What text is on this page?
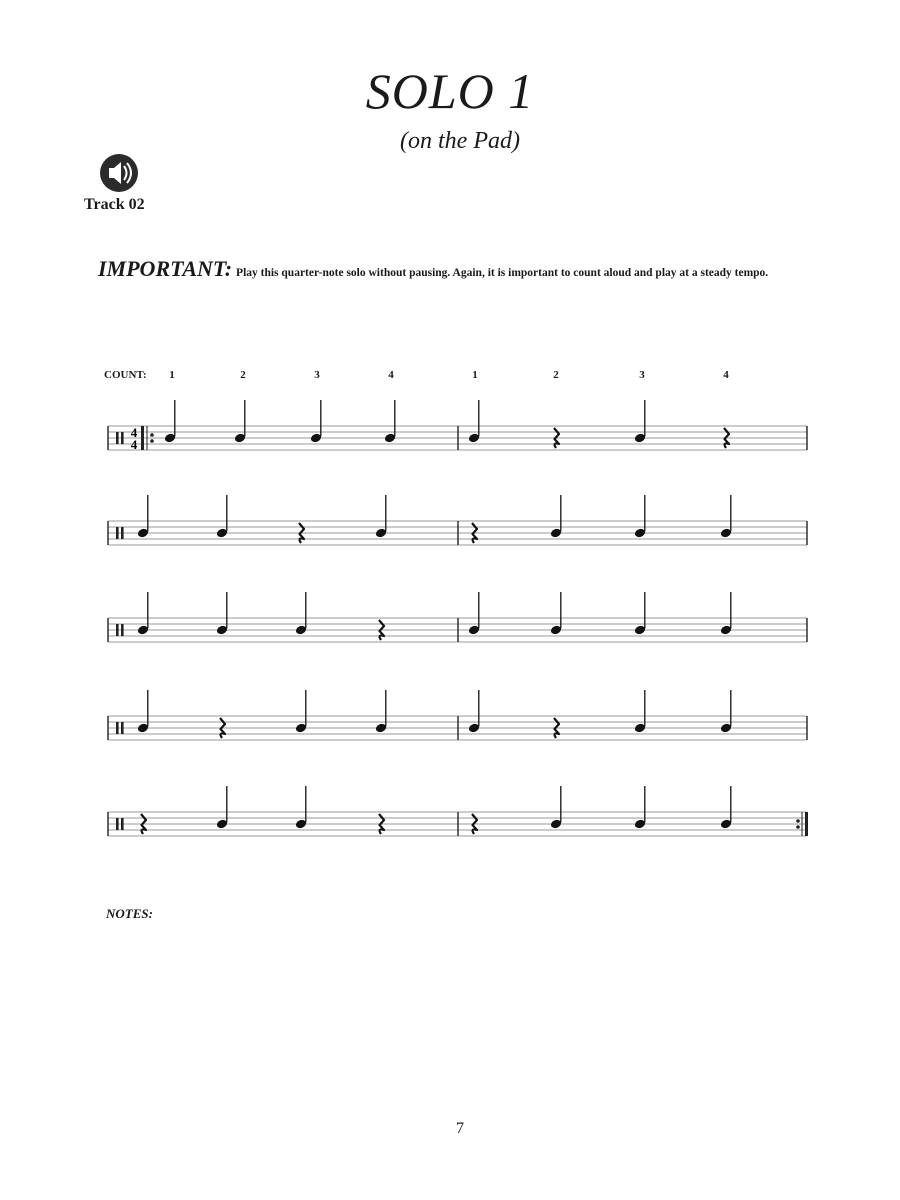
SOLO 1
(on the Pad)
Track 02
IMPORTANT: Play this quarter-note solo without pausing. Again, it is important to count aloud and play at a steady tempo.
COUNT:	1	2	3	4	1	2	3	4
4
4
NOTES:
7
